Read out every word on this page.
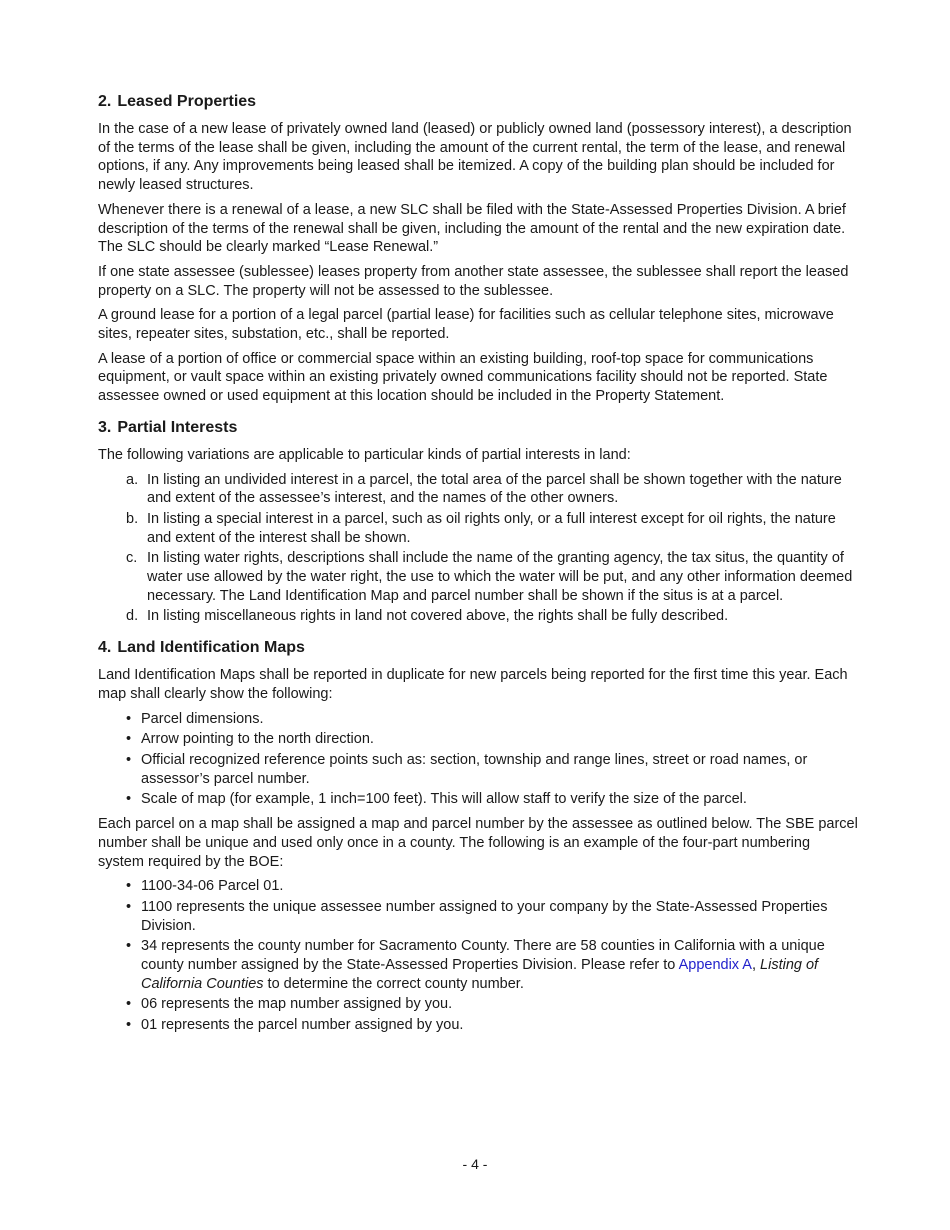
2. Leased Properties

In the case of a new lease of privately owned land (leased) or publicly owned land (possessory interest), a description of the terms of the lease shall be given, including the amount of the current rental, the term of the lease, and renewal options, if any. Any improvements being leased shall be itemized. A copy of the building plan should be included for newly leased structures.

Whenever there is a renewal of a lease, a new SLC shall be filed with the State-Assessed Properties Division. A brief description of the terms of the renewal shall be given, including the amount of the rental and the new expiration date. The SLC should be clearly marked “Lease Renewal.”

If one state assessee (sublessee) leases property from another state assessee, the sublessee shall report the leased property on a SLC. The property will not be assessed to the sublessee.

A ground lease for a portion of a legal parcel (partial lease) for facilities such as cellular telephone sites, microwave sites, repeater sites, substation, etc., shall be reported.

A lease of a portion of office or commercial space within an existing building, roof-top space for communications equipment, or vault space within an existing privately owned communications facility should not be reported. State assessee owned or used equipment at this location should be included in the Property Statement.

3. Partial Interests

The following variations are applicable to particular kinds of partial interests in land:

a. In listing an undivided interest in a parcel, the total area of the parcel shall be shown together with the nature and extent of the assessee’s interest, and the names of the other owners.
b. In listing a special interest in a parcel, such as oil rights only, or a full interest except for oil rights, the nature and extent of the interest shall be shown.
c. In listing water rights, descriptions shall include the name of the granting agency, the tax situs, the quantity of water use allowed by the water right, the use to which the water will be put, and any other information deemed necessary. The Land Identification Map and parcel number shall be shown if the situs is at a parcel.
d. In listing miscellaneous rights in land not covered above, the rights shall be fully described.
4. Land Identification Maps

Land Identification Maps shall be reported in duplicate for new parcels being reported for the first time this year. Each map shall clearly show the following:

• Parcel dimensions.
• Arrow pointing to the north direction.
• Official recognized reference points such as: section, township and range lines, street or road names, or assessor’s parcel number.
• Scale of map (for example, 1 inch=100 feet). This will allow staff to verify the size of the parcel.

Each parcel on a map shall be assigned a map and parcel number by the assessee as outlined below. The SBE parcel number shall be unique and used only once in a county. The following is an example of the four-part numbering system required by the BOE:

• 1100-34-06 Parcel 01.
• 1100 represents the unique assessee number assigned to your company by the State-Assessed Properties Division.
• 34 represents the county number for Sacramento County. There are 58 counties in California with a unique county number assigned by the State-Assessed Properties Division. Please refer to Appendix A, Listing of California Counties to determine the correct county number.
• 06 represents the map number assigned by you.
• 01 represents the parcel number assigned by you.
- 4 -
